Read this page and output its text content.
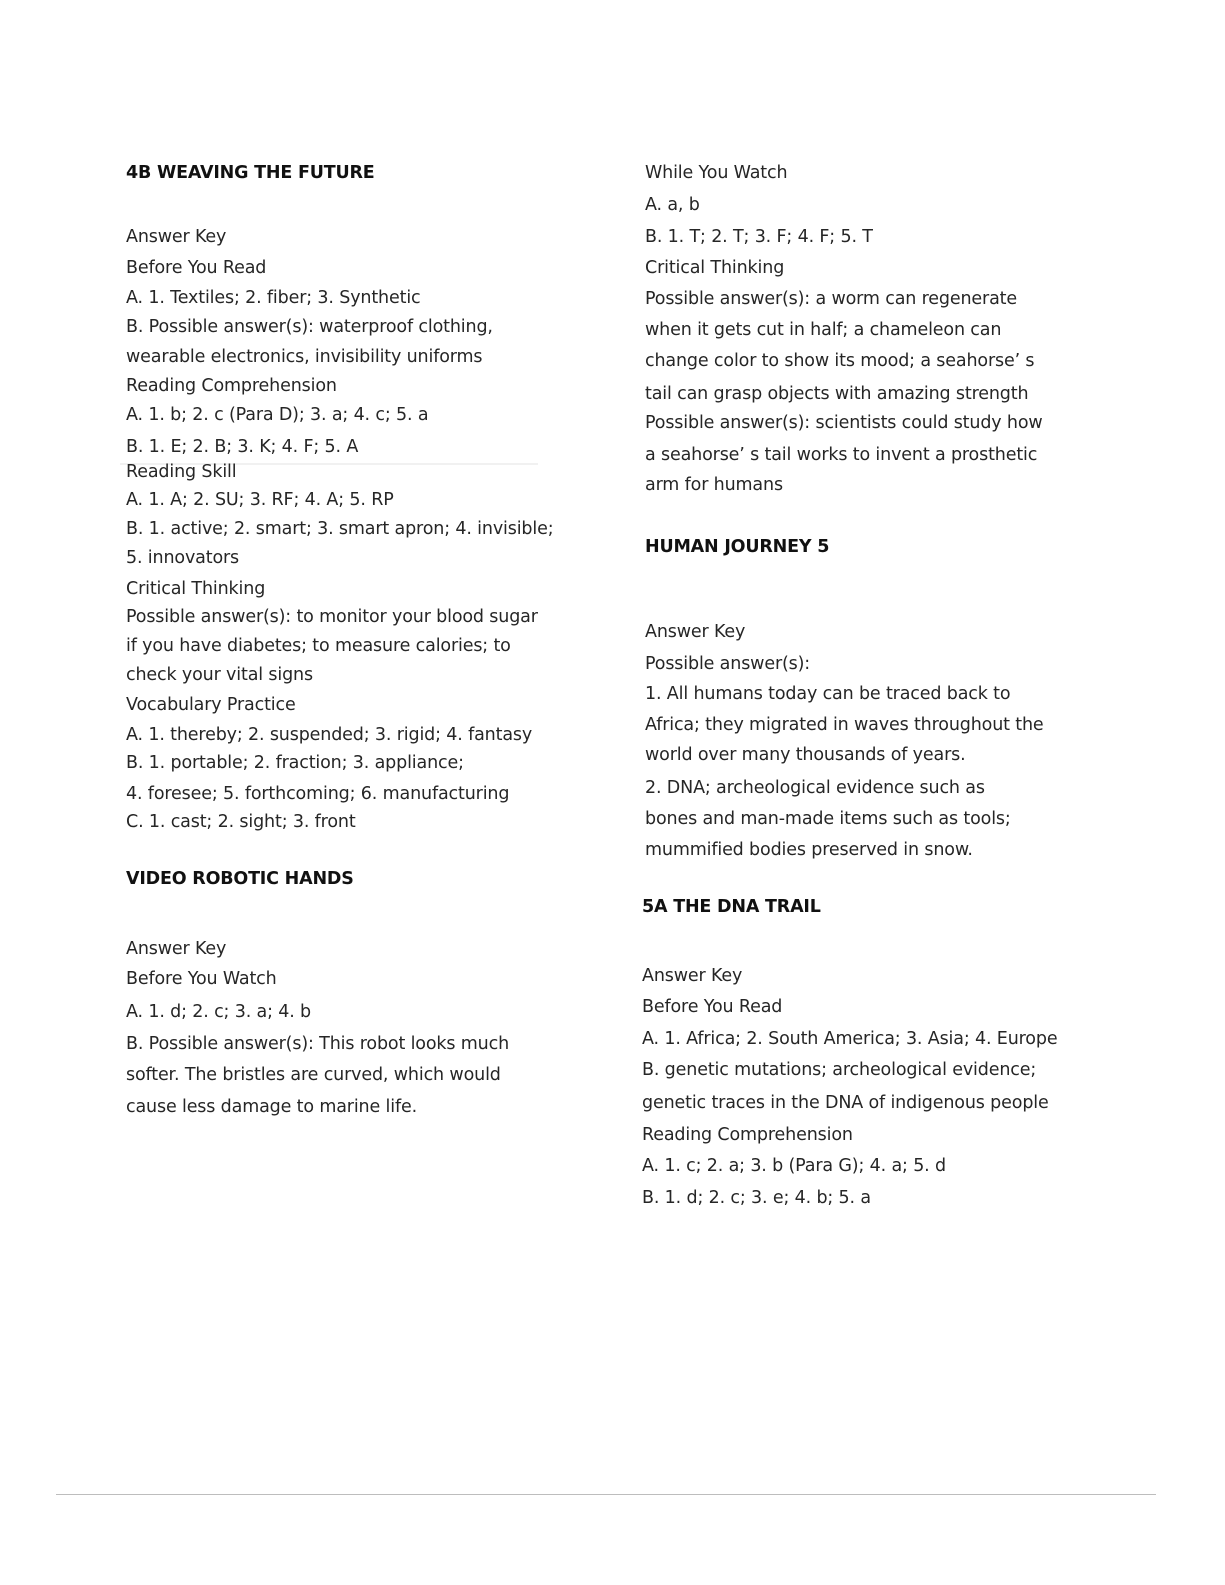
4B WEAVING THE FUTURE
Answer Key
Before You Read
A. 1. Textiles; 2. fiber; 3. Synthetic
B. Possible answer(s): waterproof clothing,
wearable electronics, invisibility uniforms
Reading Comprehension
A. 1. b; 2. c (Para D); 3. a; 4. c; 5. a
B. 1. E; 2. B; 3. K; 4. F; 5. A
Reading Skill
A. 1. A; 2. SU; 3. RF; 4. A; 5. RP
B. 1. active; 2. smart; 3. smart apron; 4. invisible;
5. innovators
Critical Thinking
Possible answer(s): to monitor your blood sugar
if you have diabetes; to measure calories; to
check your vital signs
Vocabulary Practice
A. 1. thereby; 2. suspended; 3. rigid; 4. fantasy
B. 1. portable; 2. fraction; 3. appliance;
4. foresee; 5. forthcoming; 6. manufacturing
C. 1. cast; 2. sight; 3. front
VIDEO ROBOTIC HANDS
Answer Key
Before You Watch
A. 1. d; 2. c; 3. a; 4. b
B. Possible answer(s): This robot looks much
softer. The bristles are curved, which would
cause less damage to marine life.
While You Watch
A. a, b
B. 1. T; 2. T; 3. F; 4. F; 5. T
Critical Thinking
Possible answer(s): a worm can regenerate
when it gets cut in half; a chameleon can
change color to show its mood; a seahorse’ s
tail can grasp objects with amazing strength
Possible answer(s): scientists could study how
a seahorse’ s tail works to invent a prosthetic
arm for humans
HUMAN JOURNEY 5
Answer Key
Possible answer(s):
1. All humans today can be traced back to
Africa; they migrated in waves throughout the
world over many thousands of years.
2. DNA; archeological evidence such as
bones and man-made items such as tools;
mummified bodies preserved in snow.
5A THE DNA TRAIL
Answer Key
Before You Read
A. 1. Africa; 2. South America; 3. Asia; 4. Europe
B. genetic mutations; archeological evidence;
genetic traces in the DNA of indigenous people
Reading Comprehension
A. 1. c; 2. a; 3. b (Para G); 4. a; 5. d
B. 1. d; 2. c; 3. e; 4. b; 5. a
